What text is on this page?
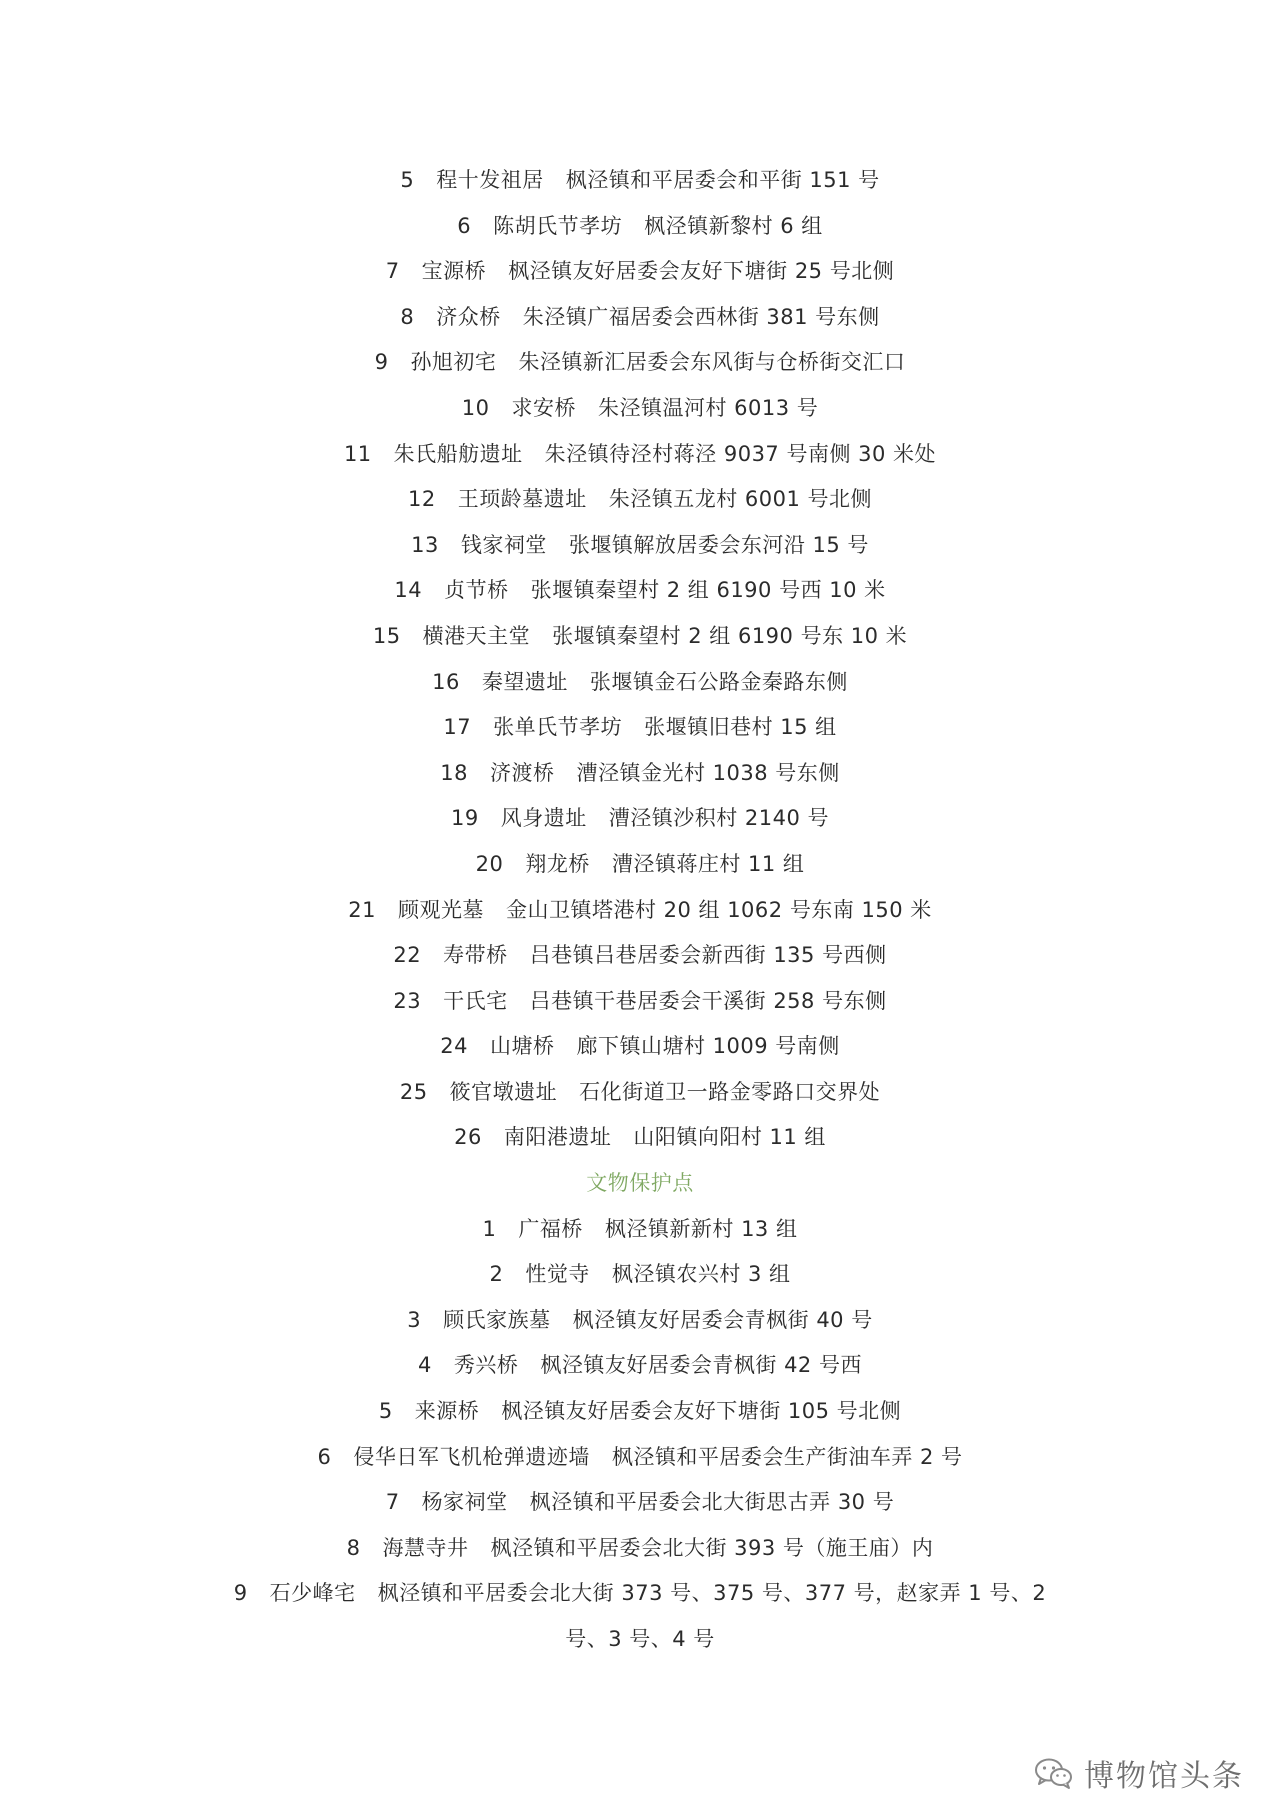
5 程十发祖居 枫泾镇和平居委会和平街 151 号
6 陈胡氏节孝坊 枫泾镇新黎村 6 组
7 宝源桥 枫泾镇友好居委会友好下塘街 25 号北侧
8 济众桥 朱泾镇广福居委会西林街 381 号东侧
9 孙旭初宅 朱泾镇新汇居委会东风街与仓桥街交汇口
10 求安桥 朱泾镇温河村 6013 号
11 朱氏船舫遗址 朱泾镇待泾村蒋泾 9037 号南侧 30 米处
12 王顼龄墓遗址 朱泾镇五龙村 6001 号北侧
13 钱家祠堂 张堰镇解放居委会东河沿 15 号
14 贞节桥 张堰镇秦望村 2 组 6190 号西 10 米
15 横港天主堂 张堰镇秦望村 2 组 6190 号东 10 米
16 秦望遗址 张堰镇金石公路金秦路东侧
17 张单氏节孝坊 张堰镇旧巷村 15 组
18 济渡桥 漕泾镇金光村 1038 号东侧
19 风身遗址 漕泾镇沙积村 2140 号
20 翔龙桥 漕泾镇蒋庄村 11 组
21 顾观光墓 金山卫镇塔港村 20 组 1062 号东南 150 米
22 寿带桥 吕巷镇吕巷居委会新西街 135 号西侧
23 干氏宅 吕巷镇干巷居委会干溪街 258 号东侧
24 山塘桥 廊下镇山塘村 1009 号南侧
25 筱官墩遗址 石化街道卫一路金零路口交界处
26 南阳港遗址 山阳镇向阳村 11 组
文物保护点
1 广福桥 枫泾镇新新村 13 组
2 性觉寺 枫泾镇农兴村 3 组
3 顾氏家族墓 枫泾镇友好居委会青枫街 40 号
4 秀兴桥 枫泾镇友好居委会青枫街 42 号西
5 来源桥 枫泾镇友好居委会友好下塘街 105 号北侧
6 侵华日军飞机枪弹遗迹墙 枫泾镇和平居委会生产街油车弄 2 号
7 杨家祠堂 枫泾镇和平居委会北大街思古弄 30 号
8 海慧寺井 枫泾镇和平居委会北大街 393 号（施王庙）内
9 石少峰宅 枫泾镇和平居委会北大街 373 号、375 号、377 号，赵家弄 1 号、2
号、3 号、4 号
博物馆头条
